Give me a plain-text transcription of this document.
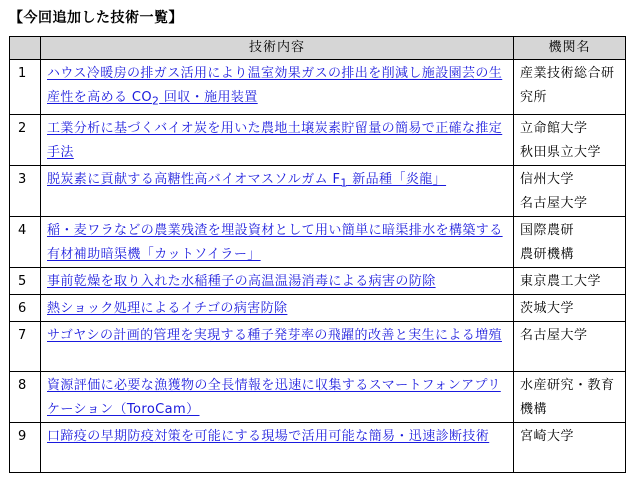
【今回追加した技術一覧】
	技術内容	機関名
1	ハウス冷暖房の排ガス活用により温室効果ガスの排出を削減し施設園芸の生産性を高める $CO_2$ 回収・施用装置	産業技術総合研
究所

2	工業分析に基づくバイオ炭を用いた農地土壌炭素貯留量の簡易で正確な推定手法	立命館大学
秋田県立大学

3	脱炭素に貢献する高糖性高バイオマスソルガム $F_1$ 新品種「炎龍」	信州大学
名古屋大学

4	稲・麦ワラなどの農業残渣を埋設資材として用い簡単に暗渠排水を構築する有材補助暗渠機「カットソイラー」	国際農研
農研機構

5	事前乾燥を取り入れた水稲種子の高温温湯消毒による病害の防除	東京農工大学

6	熱ショック処理によるイチゴの病害防除	茨城大学

7	サゴヤシの計画的管理を実現する種子発芽率の飛躍的改善と実生による増殖	名古屋大学

8	資源評価に必要な漁獲物の全長情報を迅速に収集するスマートフォンアプリケーション（ToroCam）	水産研究・教育
機構

9	口蹄疫の早期防疫対策を可能にする現場で活用可能な簡易・迅速診断技術	宮崎大学
